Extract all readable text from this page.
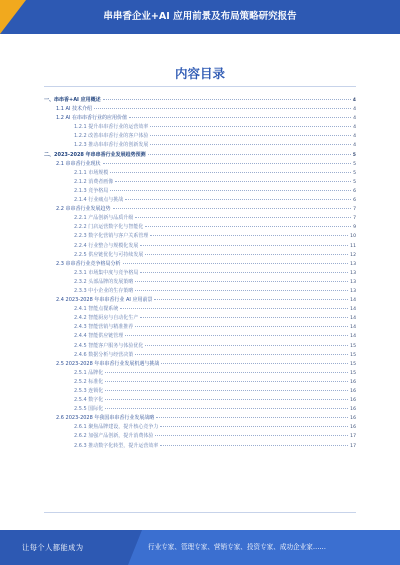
串串香企业+AI 应用前景及布局策略研究报告
内容目录
一、串串香+AI 应用概述	4
1.1 AI 技术介绍	4
1.2 AI 在串串香行业的应用价值	4
1.2.1 提升串串香行业的运营效率	4
1.2.2 改善串串香行业的客户体验	4
1.2.3 推动串串香行业的创新发展	4
二、2023-2028 年串串香行业发展趋势预测	5
2.1 串串香行业现状	5
2.1.1 市场规模	5
2.1.2 消费者画像	5
2.1.3 竞争格局	6
2.1.4 行业痛点与挑战	6
2.2 串串香行业发展趋势	7
2.2.1 产品创新与品质升级	7
2.2.2 门店运营数字化与智能化	9
2.2.3 数字化营销与客户关系管理	10
2.2.4 行业整合与规模化发展	11
2.2.5 供应链优化与可持续发展	12
2.3 串串香行业竞争格局分析	13
2.3.1 市场集中度与竞争格局	13
2.3.2 头部品牌的发展策略	13
2.3.3 中小企业的生存策略	13
2.4 2023-2028 年串串香行业 AI 应用前景	14
2.4.1 智能点餐系统	14
2.4.2 智能厨房与自动化生产	14
2.4.3 智能营销与精准推荐	14
2.4.4 智能供应链管理	14
2.4.5 智能客户服务与体验优化	15
2.4.6 数据分析与经营决策	15
2.5 2023-2028 年串串香行业发展机遇与挑战	15
2.5.1 品牌化	15
2.5.2 标准化	16
2.5.3 连锁化	16
2.5.4 数字化	16
2.5.5 国际化	16
2.6 2023-2028 年我国串串香行业发展战略	16
2.6.1 聚焦品牌建设，提升核心竞争力	16
2.6.2 加强产品创新，提升消费体验	17
2.6.3 推动数字化转型，提升运营效率	17
让每个人都能成为	行业专家、管理专家、营销专家、投资专家、成功企业家……
